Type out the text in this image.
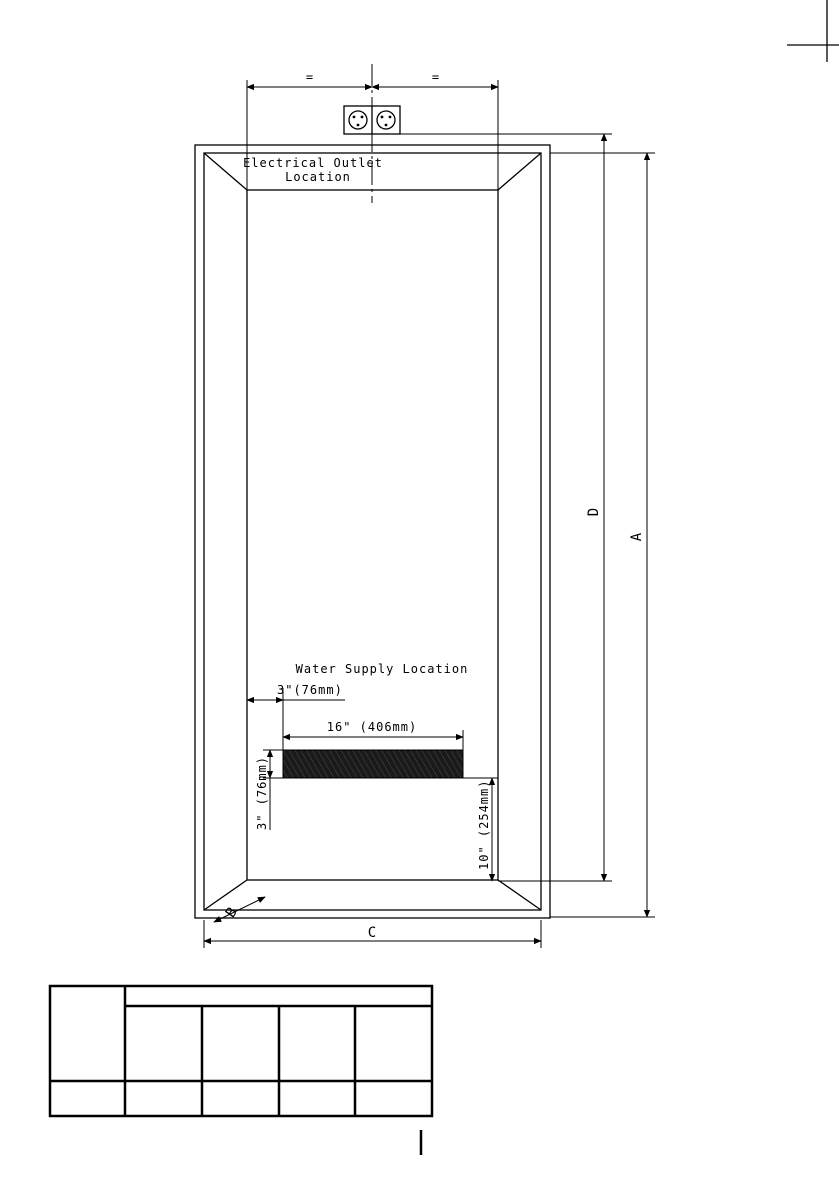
=	=
Electrical Outlet
Location
D
A
Water Supply Location
3"(76mm)
16" (406mm)
3" (76mm)	10" (254mm)
B
C
